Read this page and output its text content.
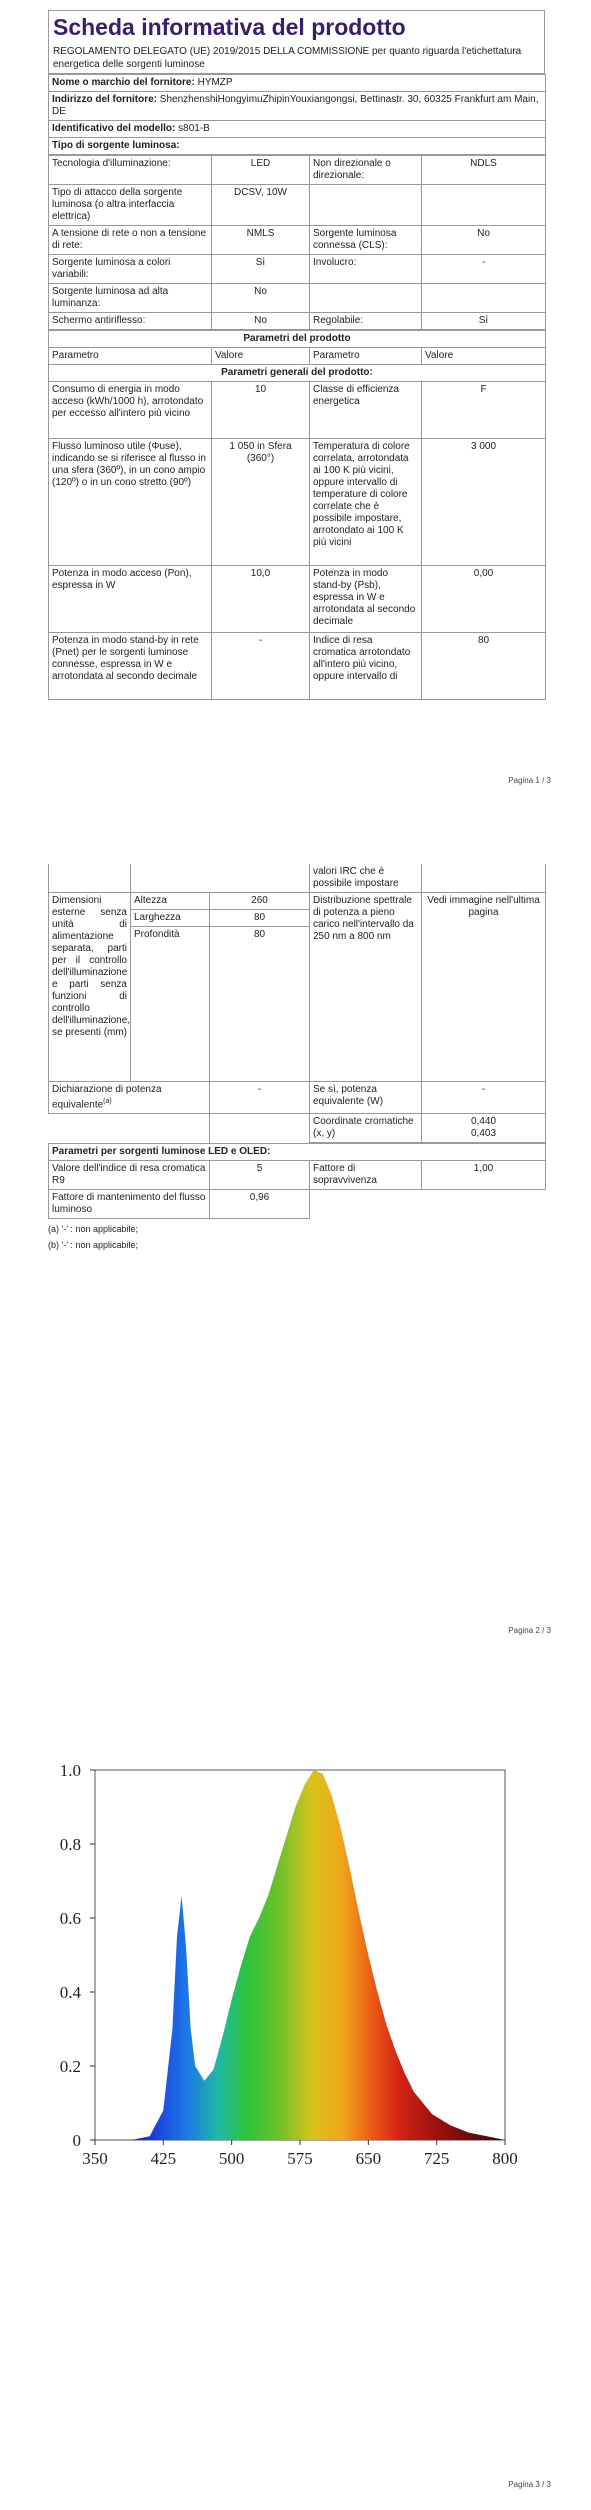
Scheda informativa del prodotto
REGOLAMENTO DELEGATO (UE) 2019/2015 DELLA COMMISSIONE per quanto riguarda l'etichettatura energetica delle sorgenti luminose
Nome o marchio del fornitore: HYMZP
Indirizzo del fornitore: ShenzhenshiHongyimuZhipinYouxiangongsi, Bettinastr. 30, 60325 Frankfurt am Main, DE
Identificativo del modello: s801-B
Tipo di sorgente luminosa:
Tecnologia d'illuminazione:	LED	Non direzionale o direzionale:	NDLS
Tipo di attacco della sorgente luminosa (o altra interfaccia elettrica)	DCSV, 10W		
A tensione di rete o non a tensione di rete:	NMLS	Sorgente luminosa connessa (CLS):	No
Sorgente luminosa a colori variabili:	Sì	Involucro:	-
Sorgente luminosa ad alta luminanza:	No		
Schermo antiriflesso:	No	Regolabile:	Sì
Parametri del prodotto			
Parametro	Valore	Parametro	Valore
Parametri generali del prodotto:			
Consumo di energia in modo acceso (kWh/1000 h), arrotondato per eccesso all'intero più vicino	10	Classe di efficienza energetica	F
Flusso luminoso utile (Φuse), indicando se si riferisce al flusso in una sfera (360º), in un cono ampio (120º) o in un cono stretto (90º)	1 050 in Sfera (360°)	Temperatura di colore correlata, arrotondata ai 100 K più vicini, oppure intervallo di temperature di colore correlate che è possibile impostare, arrotondato ai 100 K più vicini	3 000
Potenza in modo acceso (Pon), espressa in W	10,0	Potenza in modo stand-by (Psb), espressa in W e arrotondata al secondo decimale	0,00
Potenza in modo stand-by in rete (Pnet) per le sorgenti luminose connesse, espressa in W e arrotondata al secondo decimale	-	Indice di resa cromatica arrotondato all'intero più vicino, oppure intervallo di	80
Pagina 1 / 3
			valori IRC che è possibile impostare	
Dimensioni esterne senza unità di alimentazione separata, parti per il controllo dell'illuminazione e parti senza funzioni di controllo dell'illuminazione, se presenti (mm)	Altezza	260	Distribuzione spettrale di potenza a pieno carico nell'intervallo da 250 nm a 800 nm	Vedi immagine nell'ultima pagina
	Larghezza	80		
	Profondità	80		
Dichiarazione di potenza equivalente$^{(a)}$		-	Se sì, potenza equivalente (W)	-
			Coordinate cromatiche (x, y)	0,440
0,403
Parametri per sorgenti luminose LED e OLED:			
Valore dell'indice di resa cromatica R9	5	Fattore di sopravvivenza	1,00
Fattore di mantenimento del flusso luminoso	0,96		
(a) '-' : non applicabile;
(b) '-' : non applicabile;
Pagina 2 / 3
350	425	500	575	650	725	800
0
0.2
0.4
0.6
0.8
1.0
Pagina 3 / 3
